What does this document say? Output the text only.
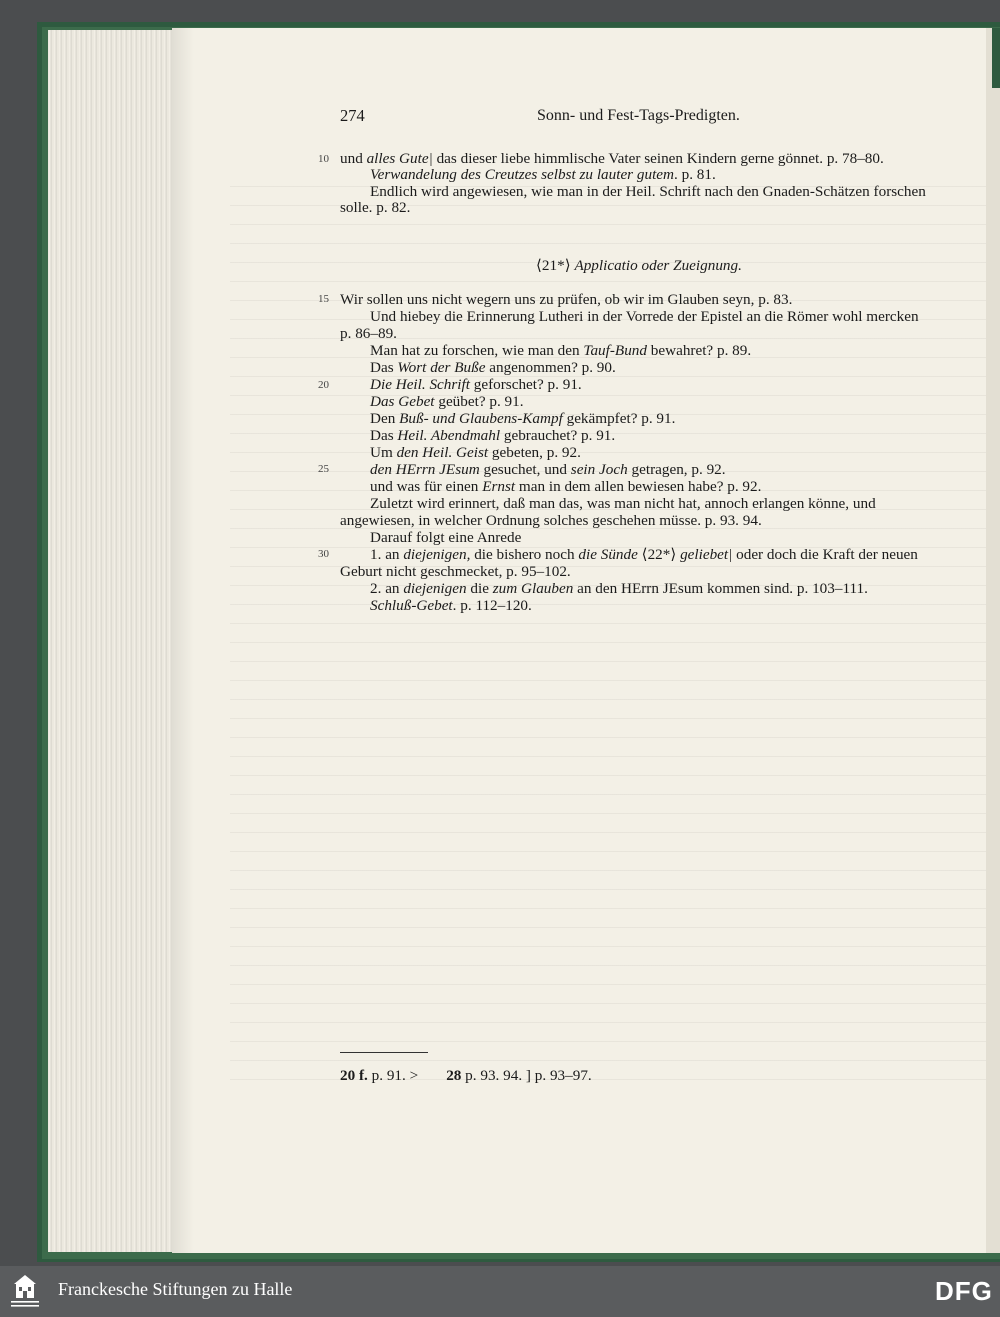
274	Sonn- und Fest-Tags-Predigten.
10
15
20
25
30
und alles Gute| das dieser liebe himmlische Vater seinen Kindern gerne gönnet. p. 78–80.
Verwandelung des Creutzes selbst zu lauter gutem. p. 81.
Endlich wird angewiesen, wie man in der Heil. Schrift nach den Gnaden-Schätzen forschen
solle. p. 82.
⟨21*⟩ Applicatio oder Zueignung.
Wir sollen uns nicht wegern uns zu prüfen, ob wir im Glauben seyn, p. 83.
Und hiebey die Erinnerung Lutheri in der Vorrede der Epistel an die Römer wohl mercken
p. 86–89.
Man hat zu forschen, wie man den Tauf-Bund bewahret? p. 89.
Das Wort der Buße angenommen? p. 90.
Die Heil. Schrift geforschet? p. 91.
Das Gebet geübet? p. 91.
Den Buß- und Glaubens-Kampf gekämpfet? p. 91.
Das Heil. Abendmahl gebrauchet? p. 91.
Um den Heil. Geist gebeten, p. 92.
den HErrn JEsum gesuchet, und sein Joch getragen, p. 92.
und was für einen Ernst man in dem allen bewiesen habe? p. 92.
Zuletzt wird erinnert, daß man das, was man nicht hat, annoch erlangen könne, und
angewiesen, in welcher Ordnung solches geschehen müsse. p. 93. 94.
Darauf folgt eine Anrede
1. an diejenigen, die bishero noch die Sünde ⟨22*⟩ geliebet| oder doch die Kraft der neuen
Geburt nicht geschmecket, p. 95–102.
2. an diejenigen die zum Glauben an den HErrn JEsum kommen sind. p. 103–111.
Schluß-Gebet. p. 112–120.
20 f. p. 91. > 28 p. 93. 94. ] p. 93–97.
Franckesche Stiftungen zu Halle	DFG
